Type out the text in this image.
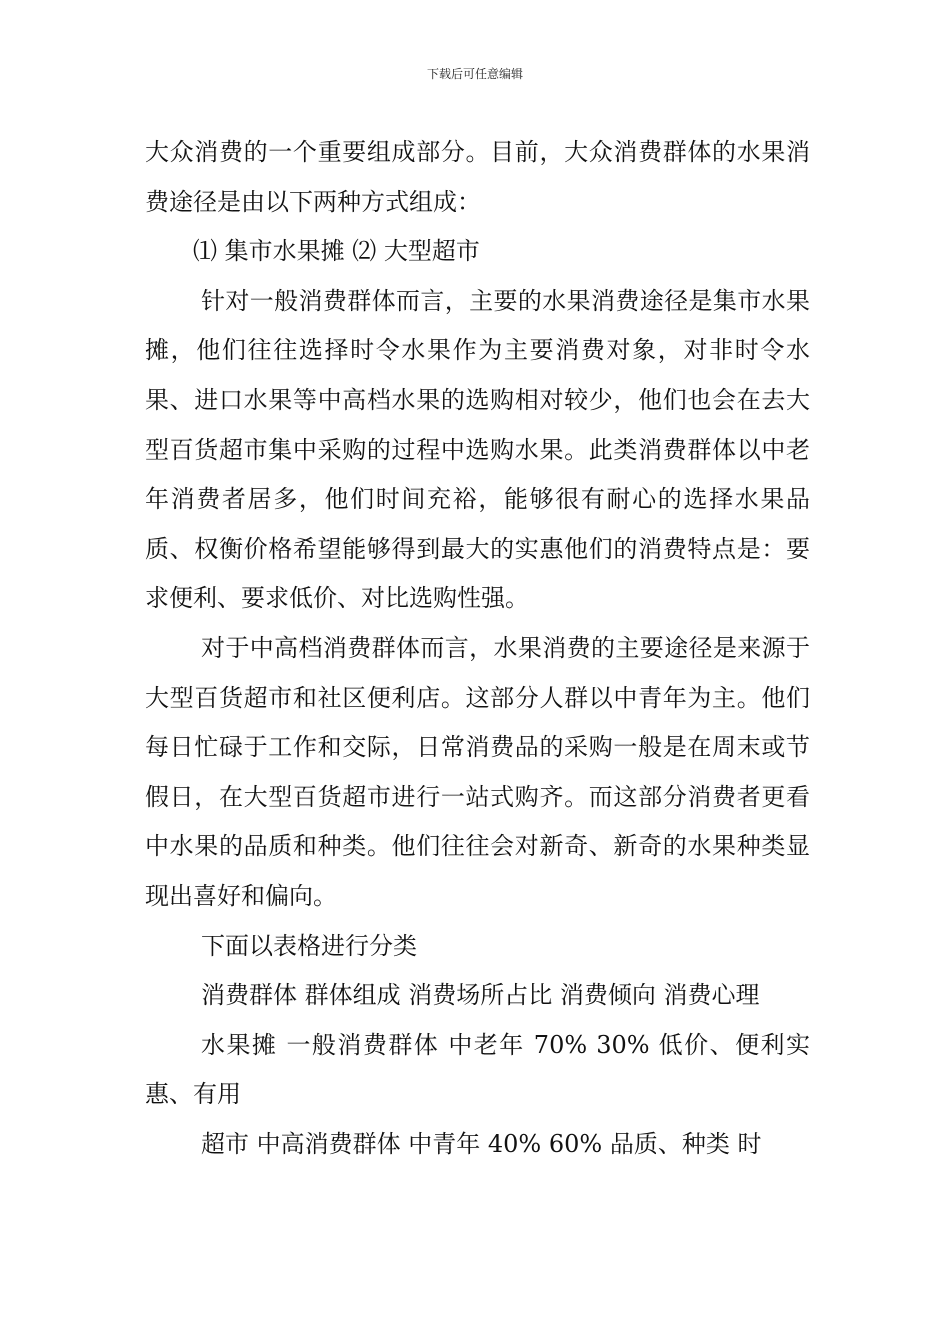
下载后可任意编辑

大众消费的一个重要组成部分。目前，大众消费群体的水果消费途径是由以下两种方式组成：

⑴ 集市水果摊 ⑵ 大型超市

针对一般消费群体而言，主要的水果消费途径是集市水果摊，他们往往选择时令水果作为主要消费对象，对非时令水果、进口水果等中高档水果的选购相对较少，他们也会在去大型百货超市集中采购的过程中选购水果。此类消费群体以中老年消费者居多，他们时间充裕，能够很有耐心的选择水果品质、权衡价格希望能够得到最大的实惠他们的消费特点是：要求便利、要求低价、对比选购性强。

对于中高档消费群体而言，水果消费的主要途径是来源于大型百货超市和社区便利店。这部分人群以中青年为主。他们每日忙碌于工作和交际，日常消费品的采购一般是在周末或节假日，在大型百货超市进行一站式购齐。而这部分消费者更看中水果的品质和种类。他们往往会对新奇、新奇的水果种类显现出喜好和偏向。

下面以表格进行分类

消费群体 群体组成 消费场所占比 消费倾向 消费心理

水果摊 一般消费群体 中老年 70% 30% 低价、便利实惠、有用

超市 中高消费群体 中青年 40% 60% 品质、种类 时
